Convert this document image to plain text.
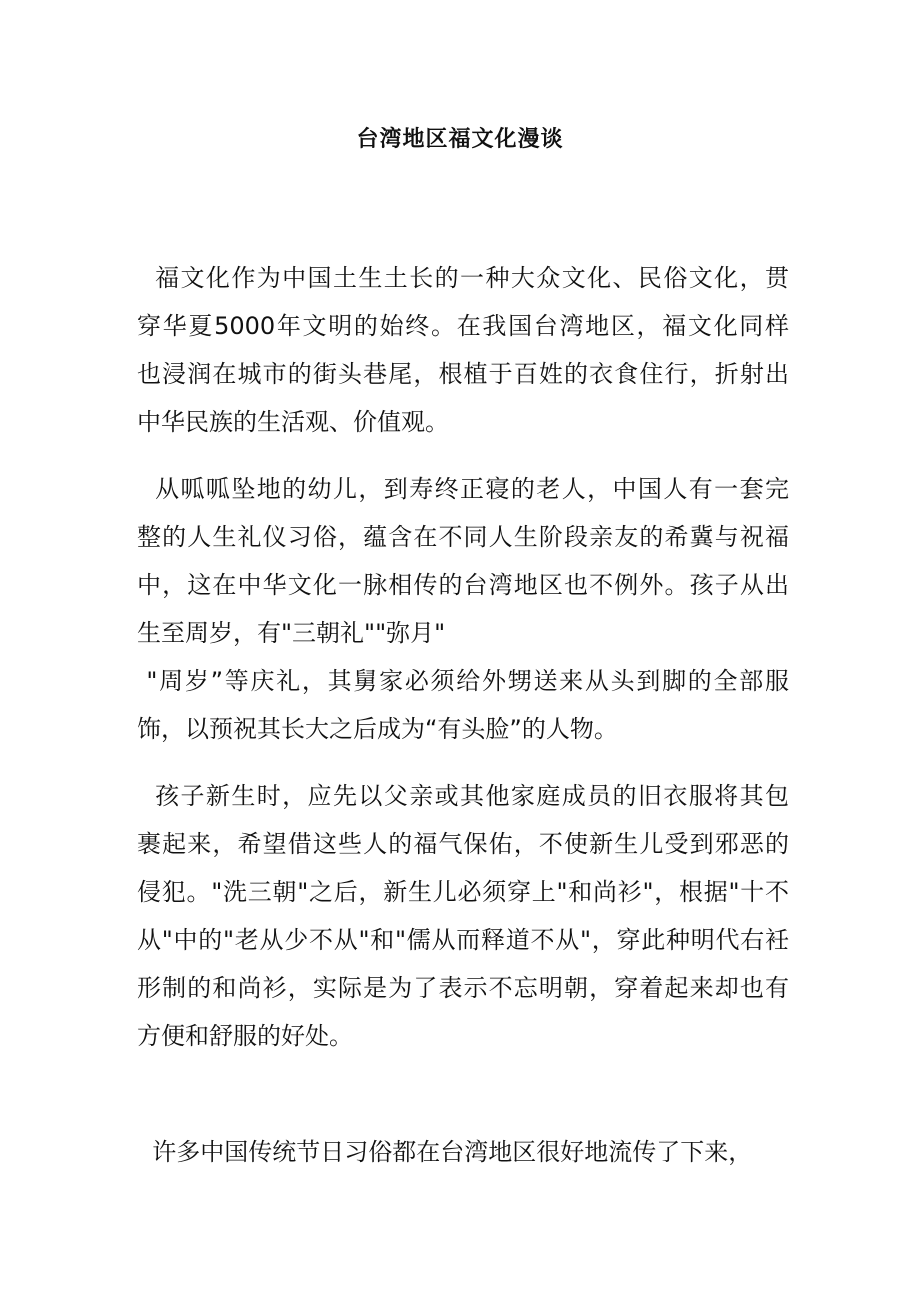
台湾地区福文化漫谈

福文化作为中国土生土长的一种大众文化、民俗文化，贯
穿华夏5000年文明的始终。在我国台湾地区，福文化同样
也浸润在城市的街头巷尾，根植于百姓的衣食住行，折射出
中华民族的生活观、价值观。

从呱呱坠地的幼儿，到寿终正寝的老人，中国人有一套完
整的人生礼仪习俗，蕴含在不同人生阶段亲友的希冀与祝福
中，这在中华文化一脉相传的台湾地区也不例外。孩子从出
生至周岁，有"三朝礼""弥月"
"周岁”等庆礼，其舅家必须给外甥送来从头到脚的全部服
饰，以预祝其长大之后成为“有头脸”的人物。

孩子新生时，应先以父亲或其他家庭成员的旧衣服将其包
裹起来，希望借这些人的福气保佑，不使新生儿受到邪恶的
侵犯。"洗三朝"之后，新生儿必须穿上"和尚衫"，根据"十不
从"中的"老从少不从"和"儒从而释道不从"，穿此种明代右衽
形制的和尚衫，实际是为了表示不忘明朝，穿着起来却也有
方便和舒服的好处。

许多中国传统节日习俗都在台湾地区很好地流传了下来，
